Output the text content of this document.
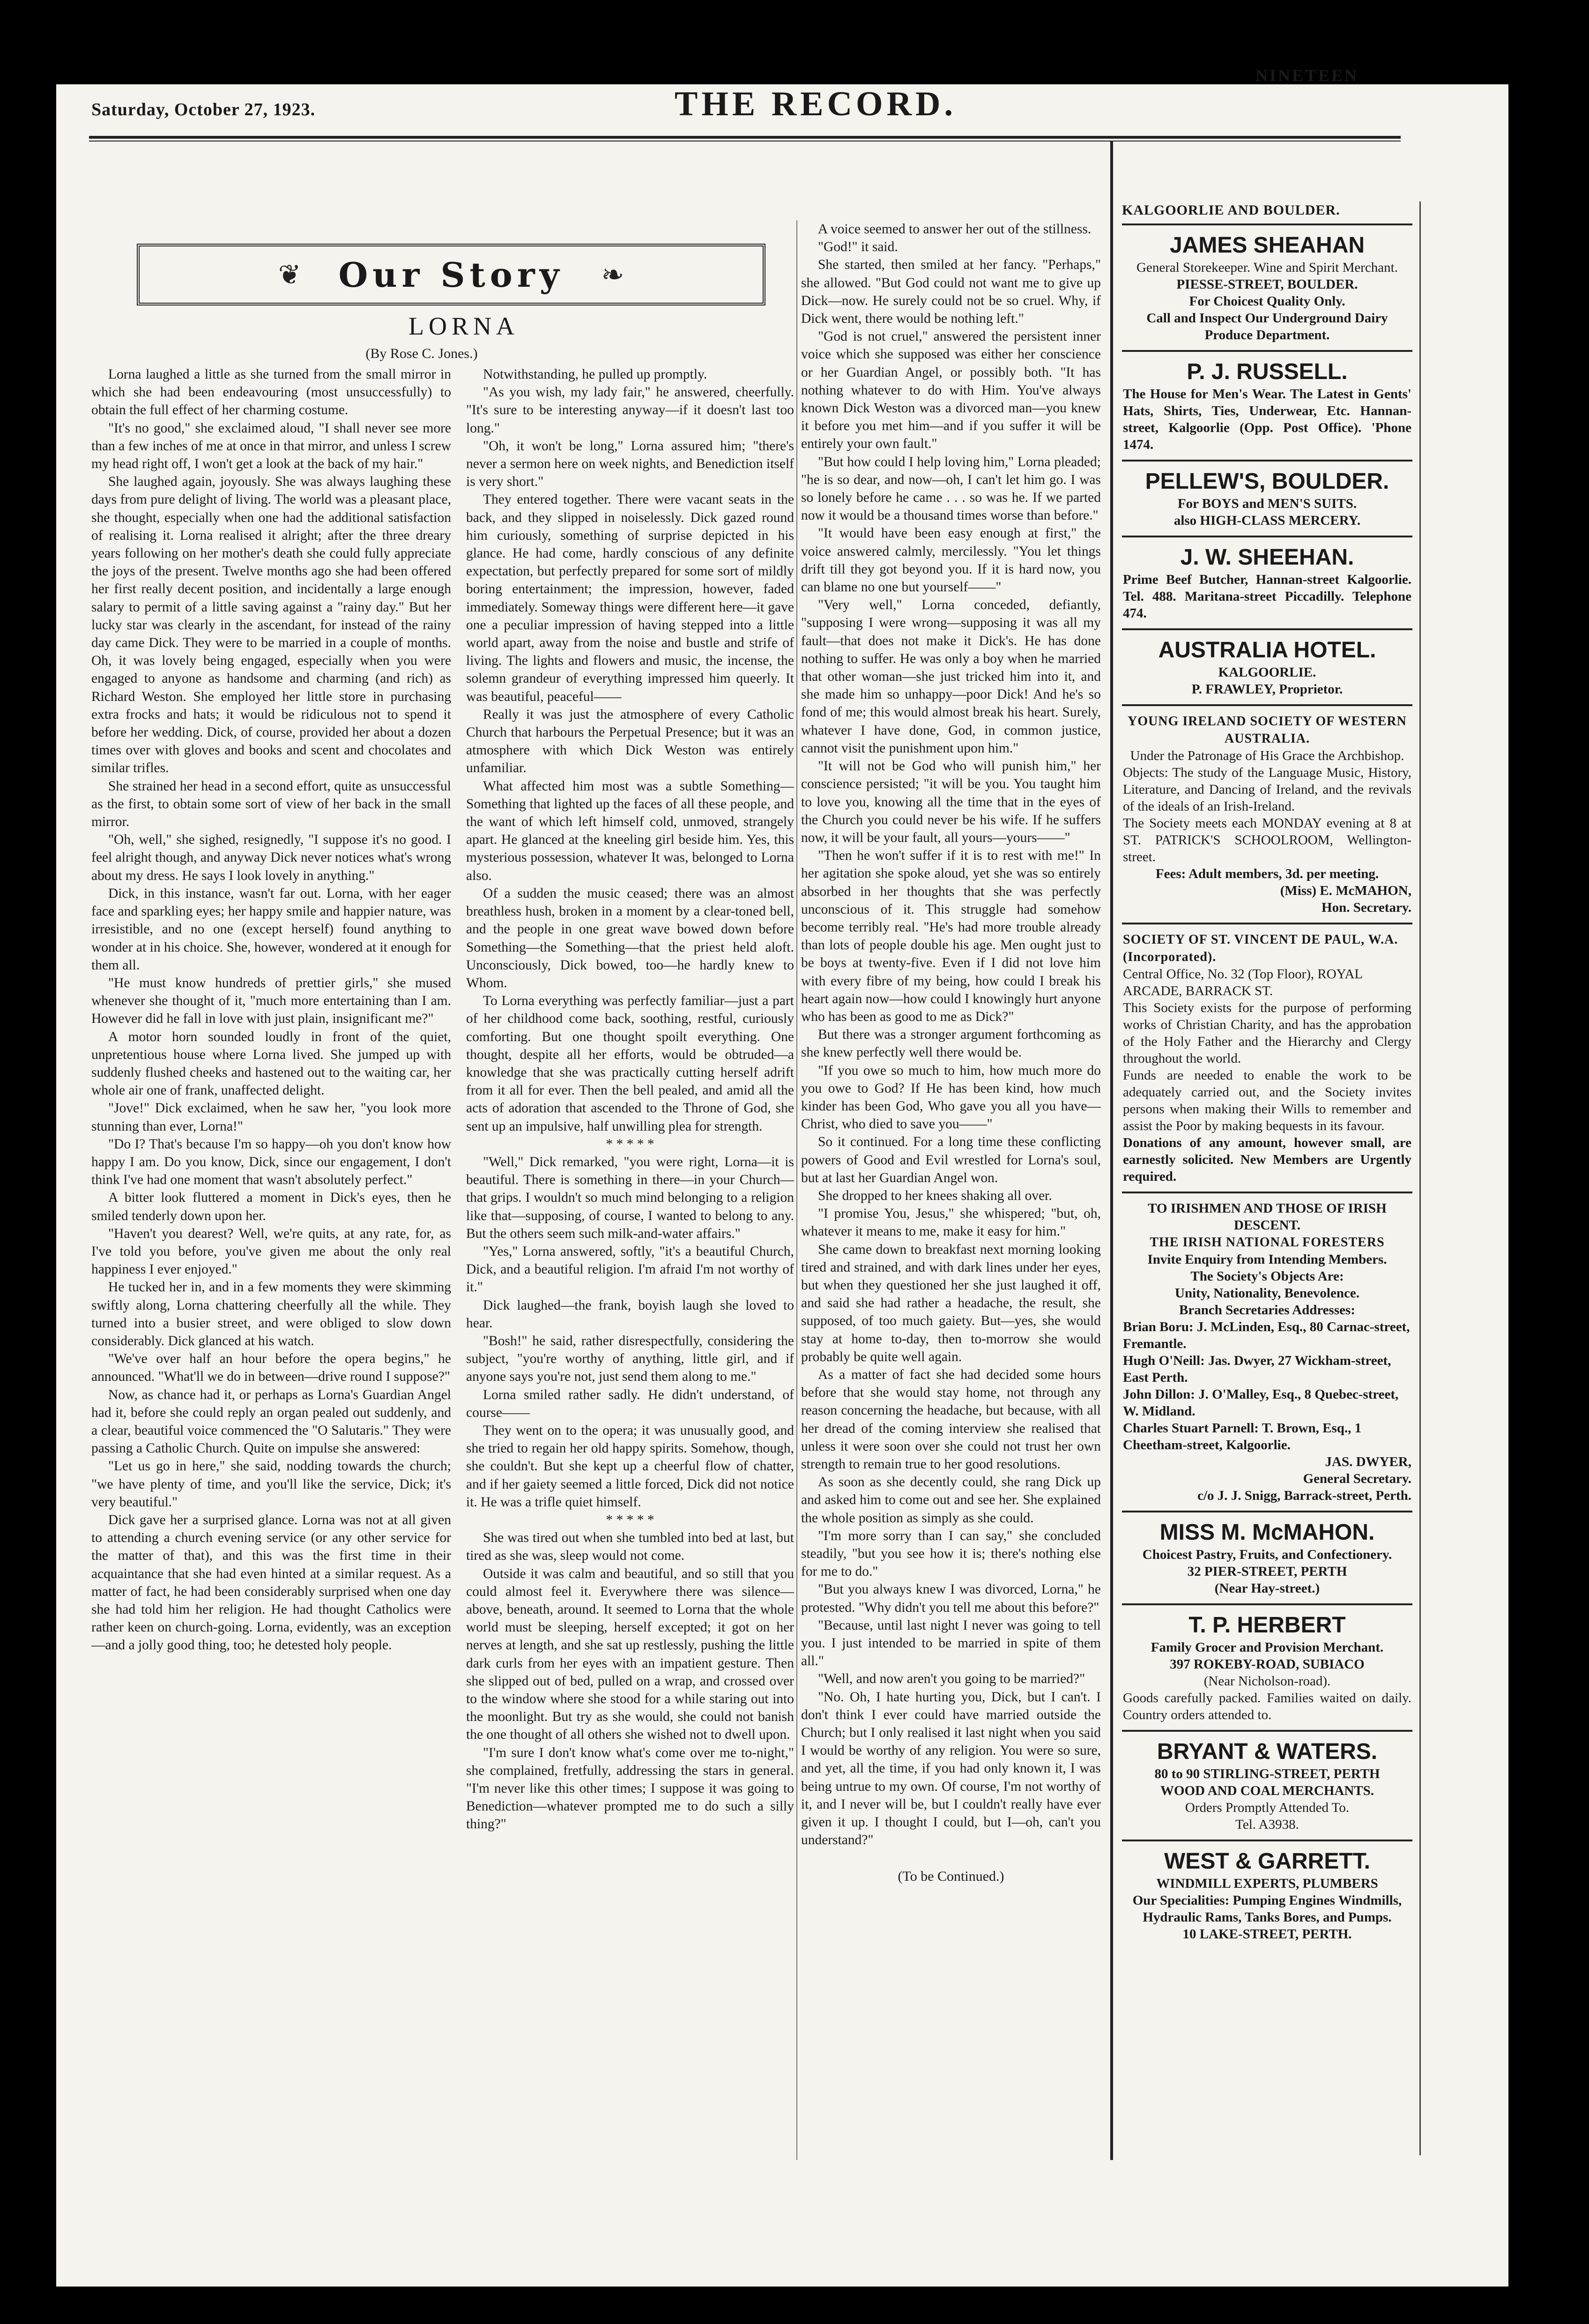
Saturday, October 27, 1923.	THE RECORD.
NINETEEN
❦ Our Story ❧
LORNA
(By Rose C. Jones.)

Lorna laughed a little as she turned from the small mirror in which she had been endeavouring (most unsuccessfully) to obtain the full effect of her charming costume.

"It's no good," she exclaimed aloud, "I shall never see more than a few inches of me at once in that mirror, and unless I screw my head right off, I won't get a look at the back of my hair."

She laughed again, joyously. She was always laughing these days from pure delight of living. The world was a pleasant place, she thought, especially when one had the additional satisfaction of realising it. Lorna realised it alright; after the three dreary years following on her mother's death she could fully appreciate the joys of the present. Twelve months ago she had been offered her first really decent position, and incidentally a large enough salary to permit of a little saving against a "rainy day." But her lucky star was clearly in the ascendant, for instead of the rainy day came Dick. They were to be married in a couple of months. Oh, it was lovely being engaged, especially when you were engaged to anyone as handsome and charming (and rich) as Richard Weston. She employed her little store in purchasing extra frocks and hats; it would be ridiculous not to spend it before her wedding. Dick, of course, provided her about a dozen times over with gloves and books and scent and chocolates and similar trifles.

She strained her head in a second effort, quite as unsuccessful as the first, to obtain some sort of view of her back in the small mirror.

"Oh, well," she sighed, resignedly, "I suppose it's no good. I feel alright though, and anyway Dick never notices what's wrong about my dress. He says I look lovely in anything."

Dick, in this instance, wasn't far out. Lorna, with her eager face and sparkling eyes; her happy smile and happier nature, was irresistible, and no one (except herself) found anything to wonder at in his choice. She, however, wondered at it enough for them all.

"He must know hundreds of prettier girls," she mused whenever she thought of it, "much more entertaining than I am. However did he fall in love with just plain, insignificant me?"

A motor horn sounded loudly in front of the quiet, unpretentious house where Lorna lived. She jumped up with suddenly flushed cheeks and hastened out to the waiting car, her whole air one of frank, unaffected delight.

"Jove!" Dick exclaimed, when he saw her, "you look more stunning than ever, Lorna!"

"Do I? That's because I'm so happy—oh you don't know how happy I am. Do you know, Dick, since our engagement, I don't think I've had one moment that wasn't absolutely perfect."

A bitter look fluttered a moment in Dick's eyes, then he smiled tenderly down upon her.

"Haven't you dearest? Well, we're quits, at any rate, for, as I've told you before, you've given me about the only real happiness I ever enjoyed."

He tucked her in, and in a few moments they were skimming swiftly along, Lorna chattering cheerfully all the while. They turned into a busier street, and were obliged to slow down considerably. Dick glanced at his watch.

"We've over half an hour before the opera begins," he announced. "What'll we do in between—drive round I suppose?"

Now, as chance had it, or perhaps as Lorna's Guardian Angel had it, before she could reply an organ pealed out suddenly, and a clear, beautiful voice commenced the "O Salutaris." They were passing a Catholic Church. Quite on impulse she answered:

"Let us go in here," she said, nodding towards the church; "we have plenty of time, and you'll like the service, Dick; it's very beautiful."

Dick gave her a surprised glance. Lorna was not at all given to attending a church evening service (or any other service for the matter of that), and this was the first time in their acquaintance that she had even hinted at a similar request. As a matter of fact, he had been considerably surprised when one day she had told him her religion. He had thought Catholics were rather keen on church-going. Lorna, evidently, was an exception—and a jolly good thing, too; he detested holy people.

Notwithstanding, he pulled up promptly.

"As you wish, my lady fair," he answered, cheerfully. "It's sure to be interesting anyway—if it doesn't last too long."

"Oh, it won't be long," Lorna assured him; "there's never a sermon here on week nights, and Benediction itself is very short."

They entered together. There were vacant seats in the back, and they slipped in noiselessly. Dick gazed round him curiously, something of surprise depicted in his glance. He had come, hardly conscious of any definite expectation, but perfectly prepared for some sort of mildly boring entertainment; the impression, however, faded immediately. Someway things were different here—it gave one a peculiar impression of having stepped into a little world apart, away from the noise and bustle and strife of living. The lights and flowers and music, the incense, the solemn grandeur of everything impressed him queerly. It was beautiful, peaceful——

Really it was just the atmosphere of every Catholic Church that harbours the Perpetual Presence; but it was an atmosphere with which Dick Weston was entirely unfamiliar.

What affected him most was a subtle Something—Something that lighted up the faces of all these people, and the want of which left himself cold, unmoved, strangely apart. He glanced at the kneeling girl beside him. Yes, this mysterious possession, whatever It was, belonged to Lorna also.

Of a sudden the music ceased; there was an almost breathless hush, broken in a moment by a clear-toned bell, and the people in one great wave bowed down before Something—the Something—that the priest held aloft. Unconsciously, Dick bowed, too—he hardly knew to Whom.

To Lorna everything was perfectly familiar—just a part of her childhood come back, soothing, restful, curiously comforting. But one thought spoilt everything. One thought, despite all her efforts, would be obtruded—a knowledge that she was practically cutting herself adrift from it all for ever. Then the bell pealed, and amid all the acts of adoration that ascended to the Throne of God, she sent up an impulsive, half unwilling plea for strength.

* * * * *

"Well," Dick remarked, "you were right, Lorna—it is beautiful. There is something in there—in your Church—that grips. I wouldn't so much mind belonging to a religion like that—supposing, of course, I wanted to belong to any. But the others seem such milk-and-water affairs."

"Yes," Lorna answered, softly, "it's a beautiful Church, Dick, and a beautiful religion. I'm afraid I'm not worthy of it."

Dick laughed—the frank, boyish laugh she loved to hear.

"Bosh!" he said, rather disrespectfully, considering the subject, "you're worthy of anything, little girl, and if anyone says you're not, just send them along to me."

Lorna smiled rather sadly. He didn't understand, of course——

They went on to the opera; it was unusually good, and she tried to regain her old happy spirits. Somehow, though, she couldn't. But she kept up a cheerful flow of chatter, and if her gaiety seemed a little forced, Dick did not notice it. He was a trifle quiet himself.

* * * * *

She was tired out when she tumbled into bed at last, but tired as she was, sleep would not come.

Outside it was calm and beautiful, and so still that you could almost feel it. Everywhere there was silence—above, beneath, around. It seemed to Lorna that the whole world must be sleeping, herself excepted; it got on her nerves at length, and she sat up restlessly, pushing the little dark curls from her eyes with an impatient gesture. Then she slipped out of bed, pulled on a wrap, and crossed over to the window where she stood for a while staring out into the moonlight. But try as she would, she could not banish the one thought of all others she wished not to dwell upon.

"I'm sure I don't know what's come over me to-night," she complained, fretfully, addressing the stars in general. "I'm never like this other times; I suppose it was going to Benediction—whatever prompted me to do such a silly thing?"

A voice seemed to answer her out of the stillness.

"God!" it said.

She started, then smiled at her fancy. "Perhaps," she allowed. "But God could not want me to give up Dick—now. He surely could not be so cruel. Why, if Dick went, there would be nothing left."

"God is not cruel," answered the persistent inner voice which she supposed was either her conscience or her Guardian Angel, or possibly both. "It has nothing whatever to do with Him. You've always known Dick Weston was a divorced man—you knew it before you met him—and if you suffer it will be entirely your own fault."

"But how could I help loving him," Lorna pleaded; "he is so dear, and now—oh, I can't let him go. I was so lonely before he came . . . so was he. If we parted now it would be a thousand times worse than before."

"It would have been easy enough at first," the voice answered calmly, mercilessly. "You let things drift till they got beyond you. If it is hard now, you can blame no one but yourself——"

"Very well," Lorna conceded, defiantly, "supposing I were wrong—supposing it was all my fault—that does not make it Dick's. He has done nothing to suffer. He was only a boy when he married that other woman—she just tricked him into it, and she made him so unhappy—poor Dick! And he's so fond of me; this would almost break his heart. Surely, whatever I have done, God, in common justice, cannot visit the punishment upon him."

"It will not be God who will punish him," her conscience persisted; "it will be you. You taught him to love you, knowing all the time that in the eyes of the Church you could never be his wife. If he suffers now, it will be your fault, all yours—yours——"

"Then he won't suffer if it is to rest with me!" In her agitation she spoke aloud, yet she was so entirely absorbed in her thoughts that she was perfectly unconscious of it. This struggle had somehow become terribly real. "He's had more trouble already than lots of people double his age. Men ought just to be boys at twenty-five. Even if I did not love him with every fibre of my being, how could I break his heart again now—how could I knowingly hurt anyone who has been as good to me as Dick?"

But there was a stronger argument forthcoming as she knew perfectly well there would be.

"If you owe so much to him, how much more do you owe to God? If He has been kind, how much kinder has been God, Who gave you all you have—Christ, who died to save you——"

So it continued. For a long time these conflicting powers of Good and Evil wrestled for Lorna's soul, but at last her Guardian Angel won.

She dropped to her knees shaking all over.

"I promise You, Jesus," she whispered; "but, oh, whatever it means to me, make it easy for him."

She came down to breakfast next morning looking tired and strained, and with dark lines under her eyes, but when they questioned her she just laughed it off, and said she had rather a headache, the result, she supposed, of too much gaiety. But—yes, she would stay at home to-day, then to-morrow she would probably be quite well again.

As a matter of fact she had decided some hours before that she would stay home, not through any reason concerning the headache, but because, with all her dread of the coming interview she realised that unless it were soon over she could not trust her own strength to remain true to her good resolutions.

As soon as she decently could, she rang Dick up and asked him to come out and see her. She explained the whole position as simply as she could.

"I'm more sorry than I can say," she concluded steadily, "but you see how it is; there's nothing else for me to do."

"But you always knew I was divorced, Lorna," he protested. "Why didn't you tell me about this before?"

"Because, until last night I never was going to tell you. I just intended to be married in spite of them all."

"Well, and now aren't you going to be married?"

"No. Oh, I hate hurting you, Dick, but I can't. I don't think I ever could have married outside the Church; but I only realised it last night when you said I would be worthy of any religion. You were so sure, and yet, all the time, if you had only known it, I was being untrue to my own. Of course, I'm not worthy of it, and I never will be, but I couldn't really have ever given it up. I thought I could, but I—oh, can't you understand?"

(To be Continued.)

KALGOORLIE AND BOULDER.
JAMES SHEAHAN
General Storekeeper. Wine and Spirit Merchant.
PIESSE-STREET, BOULDER.
For Choicest Quality Only.
Call and Inspect Our Underground Dairy Produce Department.
P. J. RUSSELL.
The House for Men's Wear. The Latest in Gents' Hats, Shirts, Ties, Underwear, Etc. Hannan-street, Kalgoorlie (Opp. Post Office). 'Phone 1474.
PELLEW'S, BOULDER.
For BOYS and MEN'S SUITS.
also HIGH-CLASS MERCERY.
J. W. SHEEHAN.
Prime Beef Butcher, Hannan-street Kalgoorlie. Tel. 488. Maritana-street Piccadilly. Telephone 474.
AUSTRALIA HOTEL.
KALGOORLIE.
P. FRAWLEY, Proprietor.
YOUNG IRELAND SOCIETY OF WESTERN AUSTRALIA.
Under the Patronage of His Grace the Archbishop.
Objects: The study of the Language Music, History, Literature, and Dancing of Ireland, and the revivals of the ideals of an Irish-Ireland.
The Society meets each MONDAY evening at 8 at ST. PATRICK'S SCHOOLROOM, Wellington-street.
Fees: Adult members, 3d. per meeting.
(Miss) E. McMAHON,
Hon. Secretary.
SOCIETY OF ST. VINCENT DE PAUL, W.A. (Incorporated).
Central Office, No. 32 (Top Floor), ROYAL ARCADE, BARRACK ST.
This Society exists for the purpose of performing works of Christian Charity, and has the approbation of the Holy Father and the Hierarchy and Clergy throughout the world.
Funds are needed to enable the work to be adequately carried out, and the Society invites persons when making their Wills to remember and assist the Poor by making bequests in its favour.
Donations of any amount, however small, are earnestly solicited. New Members are Urgently required.
TO IRISHMEN AND THOSE OF IRISH DESCENT.
THE IRISH NATIONAL FORESTERS
Invite Enquiry from Intending Members.
The Society's Objects Are:
Unity, Nationality, Benevolence.
Branch Secretaries Addresses:
Brian Boru: J. McLinden, Esq., 80 Carnac-street, Fremantle.
Hugh O'Neill: Jas. Dwyer, 27 Wickham-street, East Perth.
John Dillon: J. O'Malley, Esq., 8 Quebec-street, W. Midland.
Charles Stuart Parnell: T. Brown, Esq., 1 Cheetham-street, Kalgoorlie.
JAS. DWYER,
General Secretary.
c/o J. J. Snigg, Barrack-street, Perth.
MISS M. McMAHON.
Choicest Pastry, Fruits, and Confectionery.
32 PIER-STREET, PERTH
(Near Hay-street.)
T. P. HERBERT
Family Grocer and Provision Merchant.
397 ROKEBY-ROAD, SUBIACO
(Near Nicholson-road).
Goods carefully packed. Families waited on daily. Country orders attended to.
BRYANT & WATERS.
80 to 90 STIRLING-STREET, PERTH
WOOD AND COAL MERCHANTS.
Orders Promptly Attended To.
Tel. A3938.
WEST & GARRETT.
WINDMILL EXPERTS, PLUMBERS
Our Specialities: Pumping Engines Windmills, Hydraulic Rams, Tanks Bores, and Pumps.
10 LAKE-STREET, PERTH.
